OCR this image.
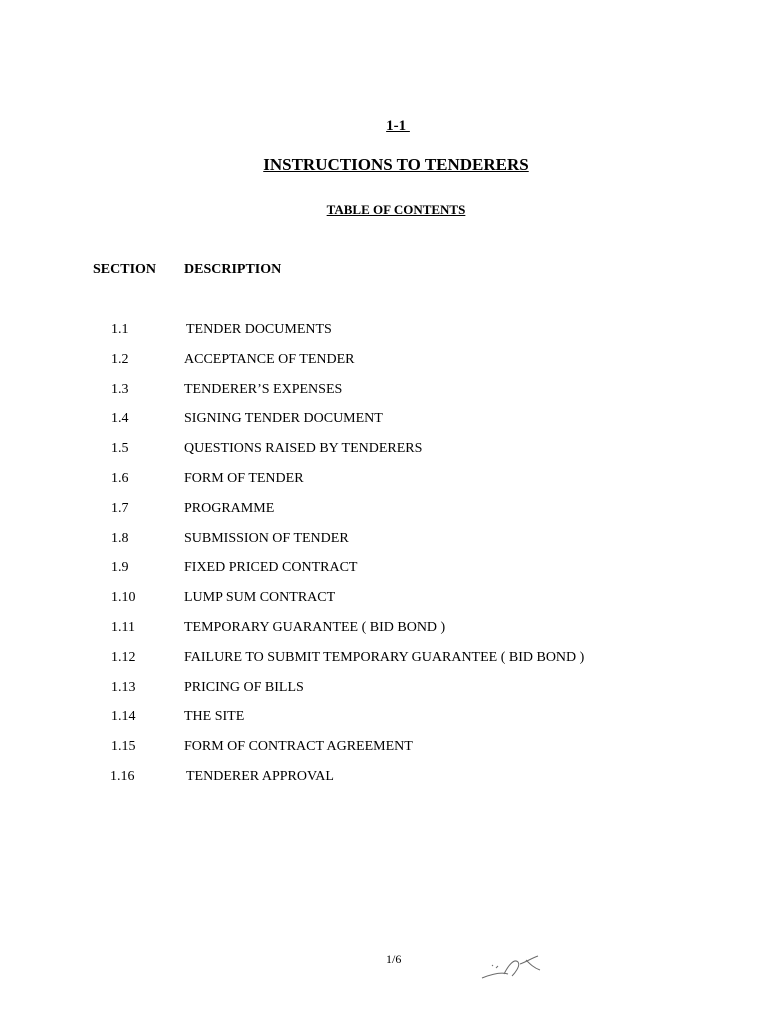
1-1
INSTRUCTIONS TO TENDERERS
TABLE OF CONTENTS
SECTION DESCRIPTION
1.1	TENDER DOCUMENTS
1.2	ACCEPTANCE OF TENDER
1.3	TENDERER’S EXPENSES
1.4	SIGNING TENDER DOCUMENT
1.5	QUESTIONS RAISED BY TENDERERS
1.6	FORM OF TENDER
1.7	PROGRAMME
1.8	SUBMISSION OF TENDER
1.9	FIXED PRICED CONTRACT
1.10	LUMP SUM CONTRACT
1.11	TEMPORARY GUARANTEE ( BID BOND )
1.12	FAILURE TO SUBMIT TEMPORARY GUARANTEE ( BID BOND )
1.13	PRICING OF BILLS
1.14	THE SITE
1.15	FORM OF CONTRACT AGREEMENT
1.16	TENDERER APPROVAL
1/6
